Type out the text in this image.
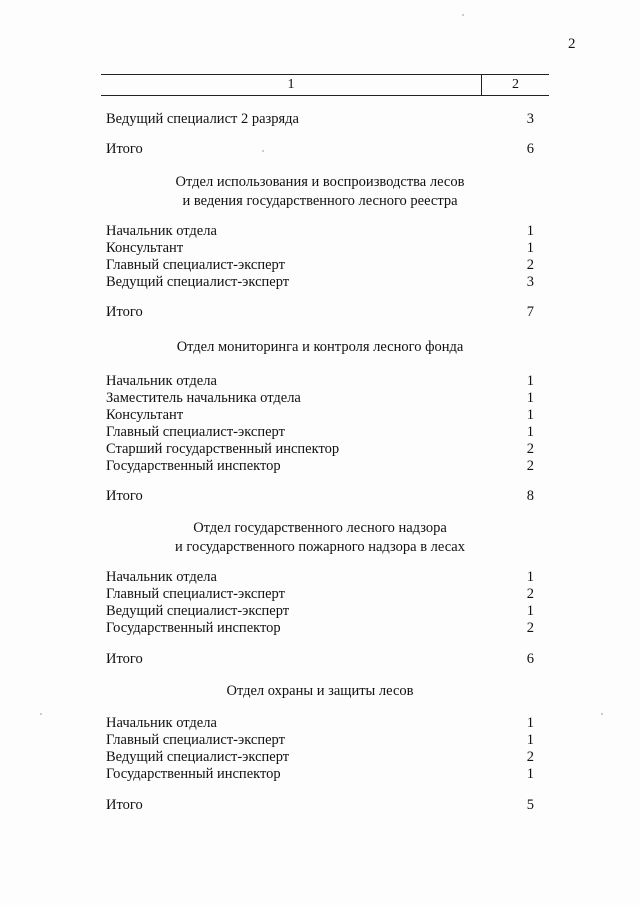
2
1	2
Ведущий специалист 2 разряда	3
Итого	6
Отдел использования и воспроизводства лесов
и ведения государственного лесного реестра
Начальник отдела	1
Консультант	1
Главный специалист-эксперт	2
Ведущий специалист-эксперт	3
Итого	7
Отдел мониторинга и контроля лесного фонда
Начальник отдела	1
Заместитель начальника отдела	1
Консультант	1
Главный специалист-эксперт	1
Старший государственный инспектор	2
Государственный инспектор	2
Итого	8
Отдел государственного лесного надзора
и государственного пожарного надзора в лесах
Начальник отдела	1
Главный специалист-эксперт	2
Ведущий специалист-эксперт	1
Государственный инспектор	2
Итого	6
Отдел охраны и защиты лесов
Начальник отдела	1
Главный специалист-эксперт	1
Ведущий специалист-эксперт	2
Государственный инспектор	1
Итого	5
